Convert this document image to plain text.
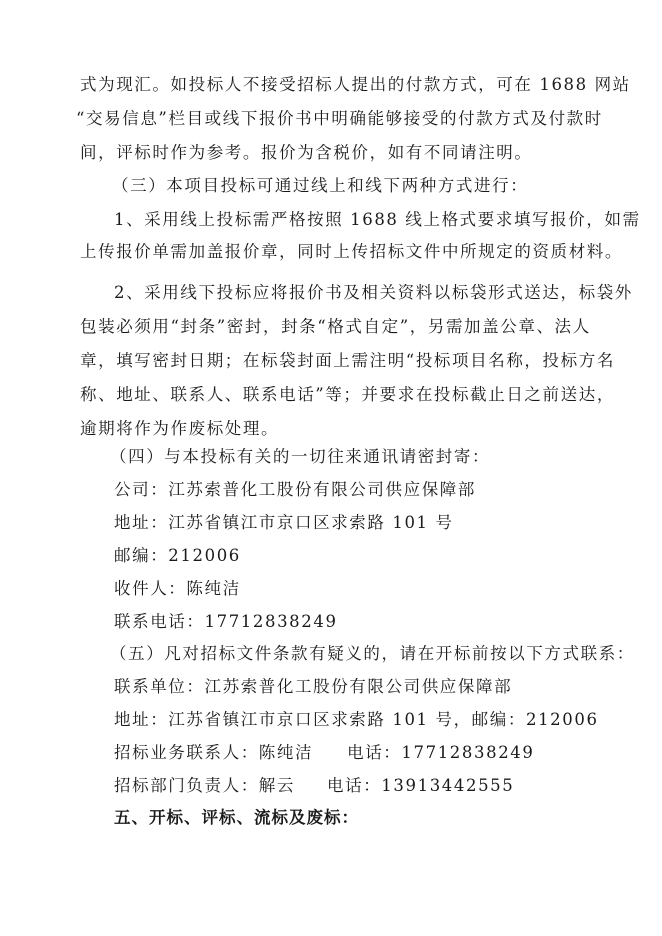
式为现汇。如投标人不接受招标人提出的付款方式，可在 1688 网站
“交易信息”栏目或线下报价书中明确能够接受的付款方式及付款时
间，评标时作为参考。报价为含税价，如有不同请注明。
（三）本项目投标可通过线上和线下两种方式进行：
1、采用线上投标需严格按照 1688 线上格式要求填写报价，如需
上传报价单需加盖报价章，同时上传招标文件中所规定的资质材料。
2、采用线下投标应将报价书及相关资料以标袋形式送达，标袋外
包装必须用“封条”密封，封条“格式自定”，另需加盖公章、法人
章，填写密封日期；在标袋封面上需注明“投标项目名称，投标方名
称、地址、联系人、联系电话”等；并要求在投标截止日之前送达，
逾期将作为作废标处理。
（四）与本投标有关的一切往来通讯请密封寄：
公司：江苏索普化工股份有限公司供应保障部
地址：江苏省镇江市京口区求索路 101 号
邮编：212006
收件人：陈纯洁
联系电话：17712838249
（五）凡对招标文件条款有疑义的，请在开标前按以下方式联系：
联系单位：江苏索普化工股份有限公司供应保障部
地址：江苏省镇江市京口区求索路 101 号，邮编：212006
招标业务联系人：陈纯洁 电话：17712838249
招标部门负责人：解云 电话：13913442555
五、开标、评标、流标及废标：
